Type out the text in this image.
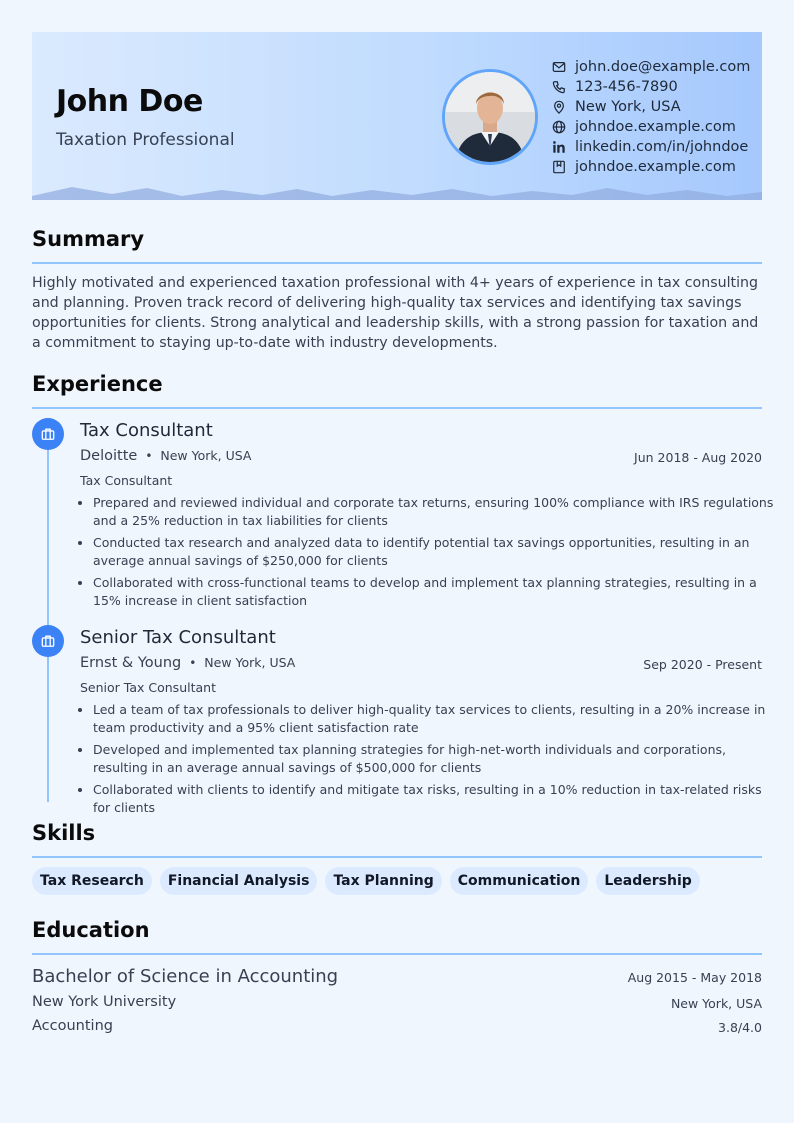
John Doe
Taxation Professional
john.doe@example.com
123-456-7890
New York, USA
johndoe.example.com
linkedin.com/in/johndoe
johndoe.example.com
Summary

Highly motivated and experienced taxation professional with 4+ years of experience in tax consulting and planning. Proven track record of delivering high-quality tax services and identifying tax savings opportunities for clients. Strong analytical and leadership skills, with a strong passion for taxation and a commitment to staying up-to-date with industry developments.

Experience
Tax Consultant
Deloitte • New York, USA	Jun 2018 - Aug 2020
Tax Consultant
• Prepared and reviewed individual and corporate tax returns, ensuring 100% compliance with IRS regulations and a 25% reduction in tax liabilities for clients
• Conducted tax research and analyzed data to identify potential tax savings opportunities, resulting in an average annual savings of $250,000 for clients
• Collaborated with cross-functional teams to develop and implement tax planning strategies, resulting in a 15% increase in client satisfaction
Senior Tax Consultant
Ernst & Young • New York, USA	Sep 2020 - Present
Senior Tax Consultant
• Led a team of tax professionals to deliver high-quality tax services to clients, resulting in a 20% increase in team productivity and a 95% client satisfaction rate
• Developed and implemented tax planning strategies for high-net-worth individuals and corporations, resulting in an average annual savings of $500,000 for clients
• Collaborated with clients to identify and mitigate tax risks, resulting in a 10% reduction in tax-related risks for clients
Skills
Tax Research	Financial Analysis	Tax Planning	Communication	Leadership
Education
Bachelor of Science in Accounting	Aug 2015 - May 2018
New York University	New York, USA
Accounting	3.8/4.0
